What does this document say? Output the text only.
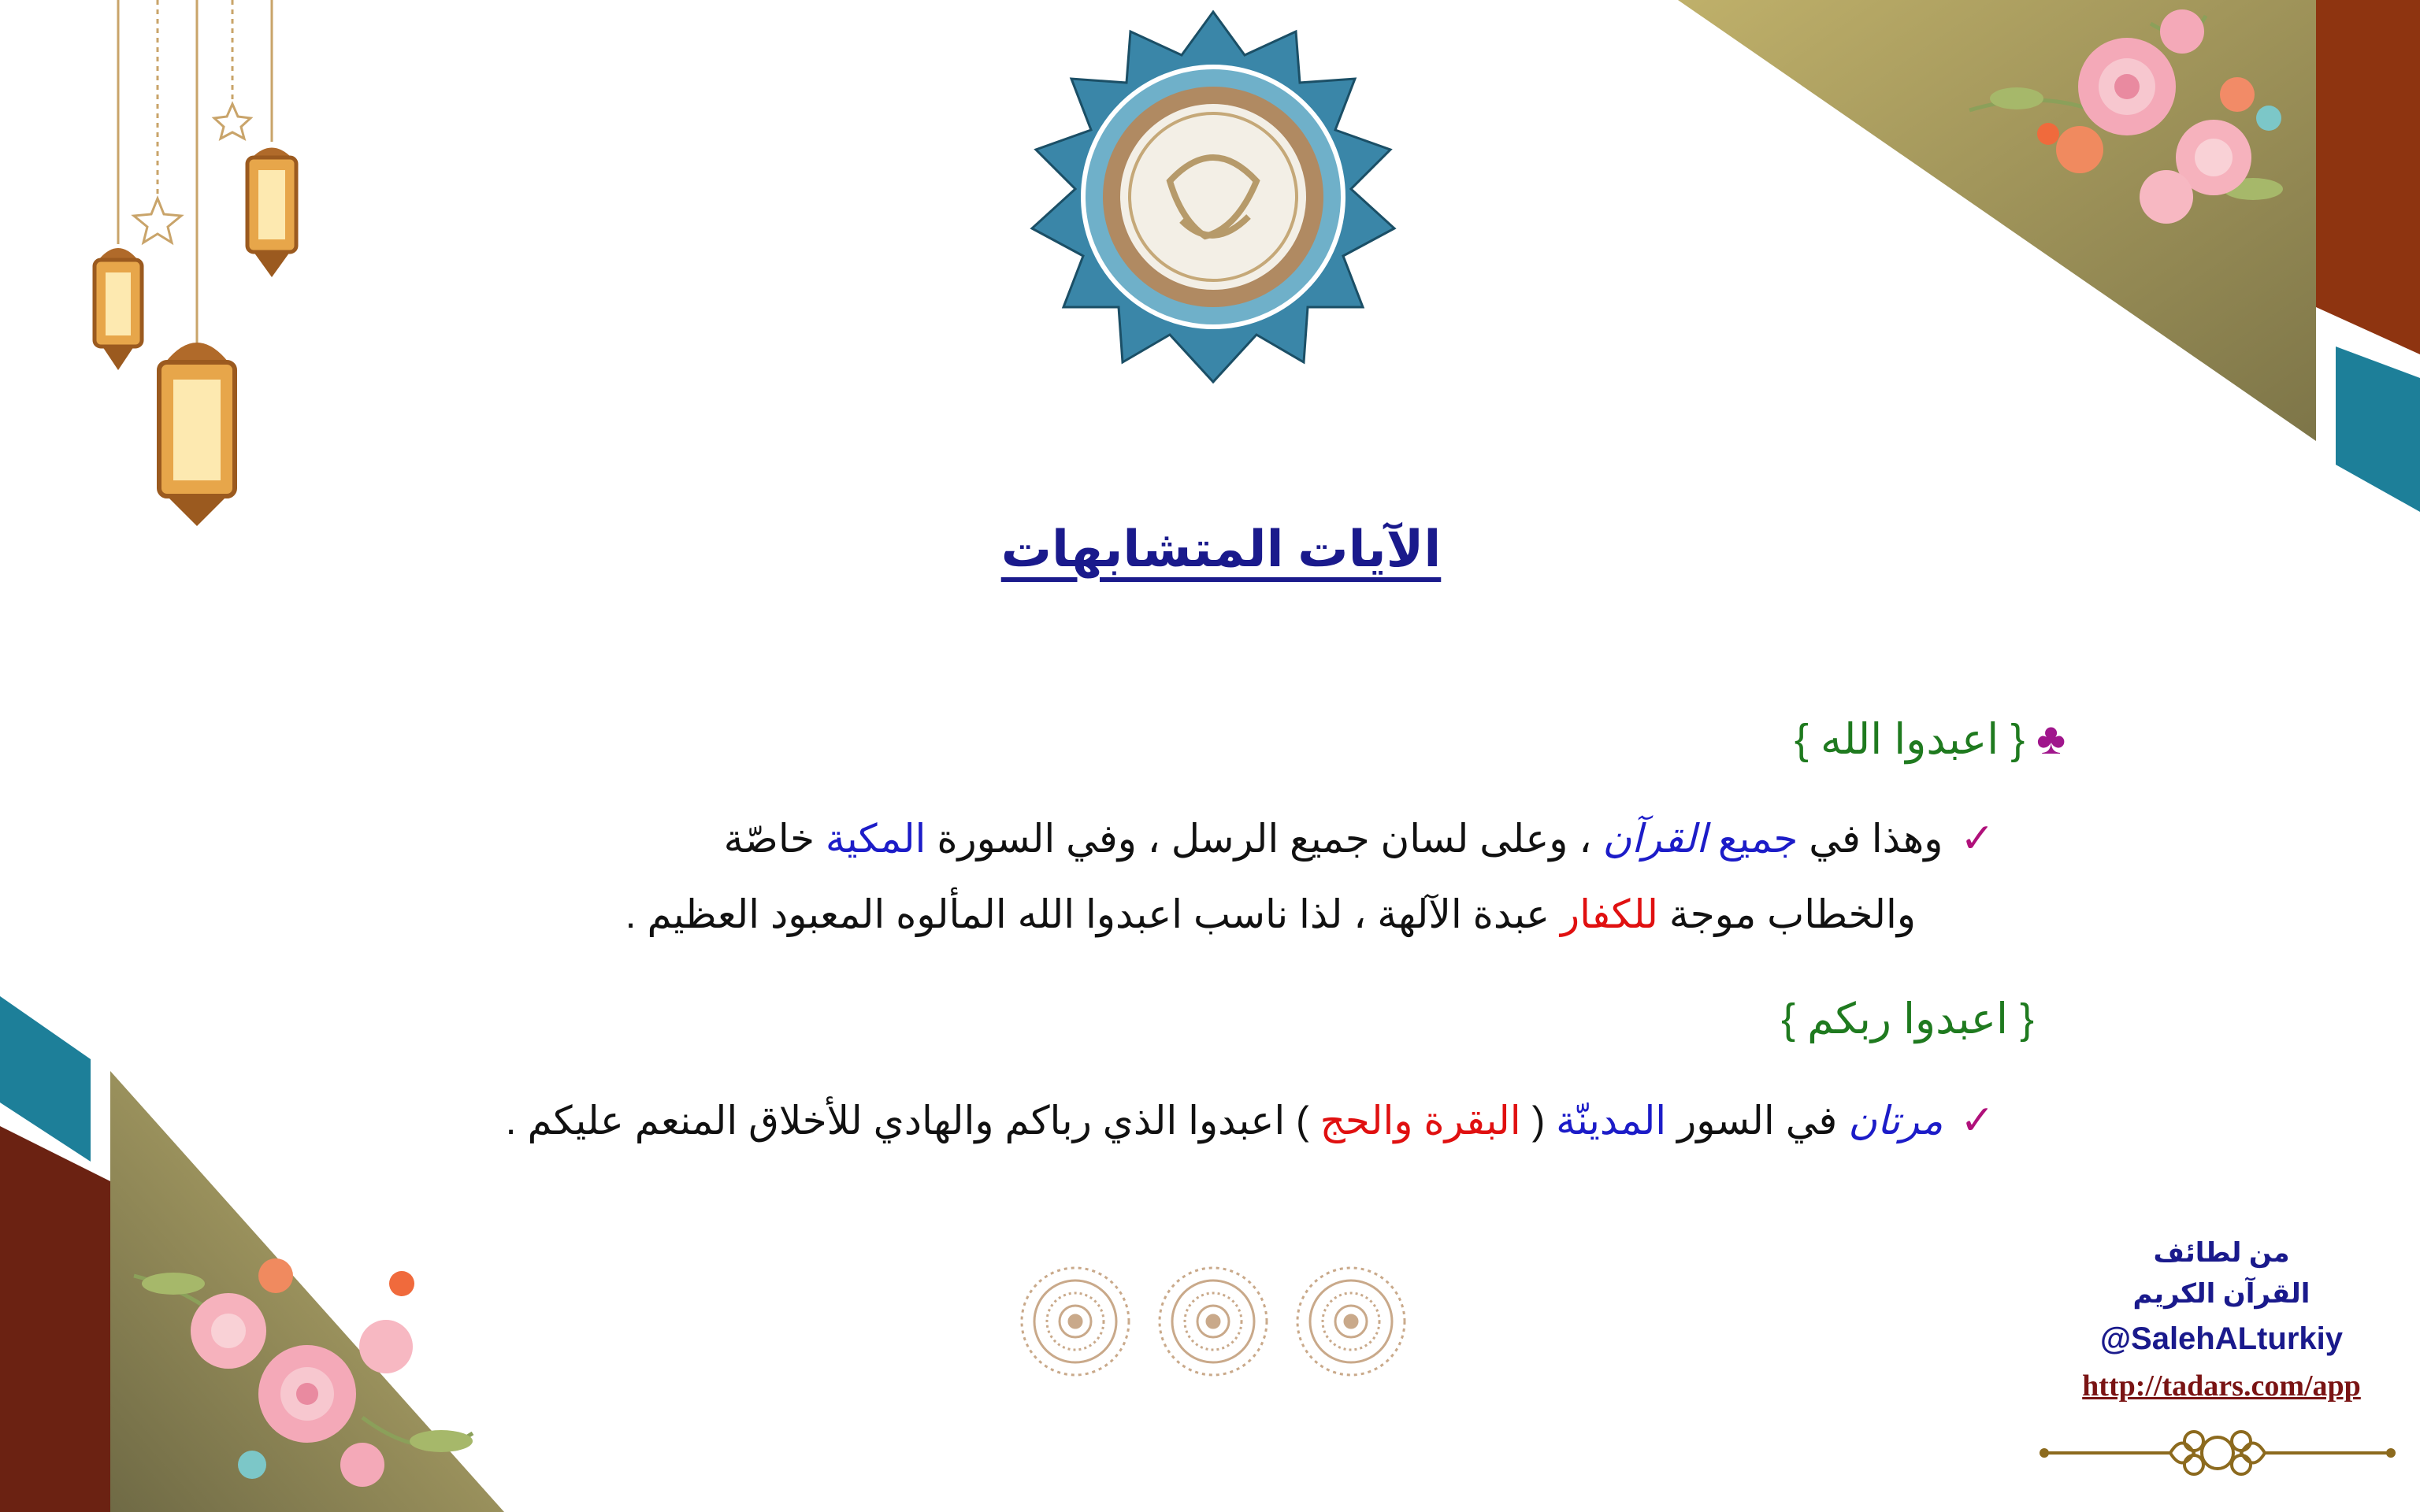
الآيات المتشابهات
♣ { اعبدوا الله }
✓وهذا في جميع القرآن ، وعلى لسان جميع الرسل ، وفي السورة المكية خاصّة
والخطاب موجة للكفار عبدة الآلهة ، لذا ناسب اعبدوا الله المألوه المعبود العظيم .
{ اعبدوا ربكم }
✓مرتان في السور المدينّة ( البقرة والحج ) اعبدوا الذي رباكم والهادي للأخلاق المنعم عليكم .
من لطائف
القرآن الكريم
@SalehALturkiy
http://tadars.com/app
